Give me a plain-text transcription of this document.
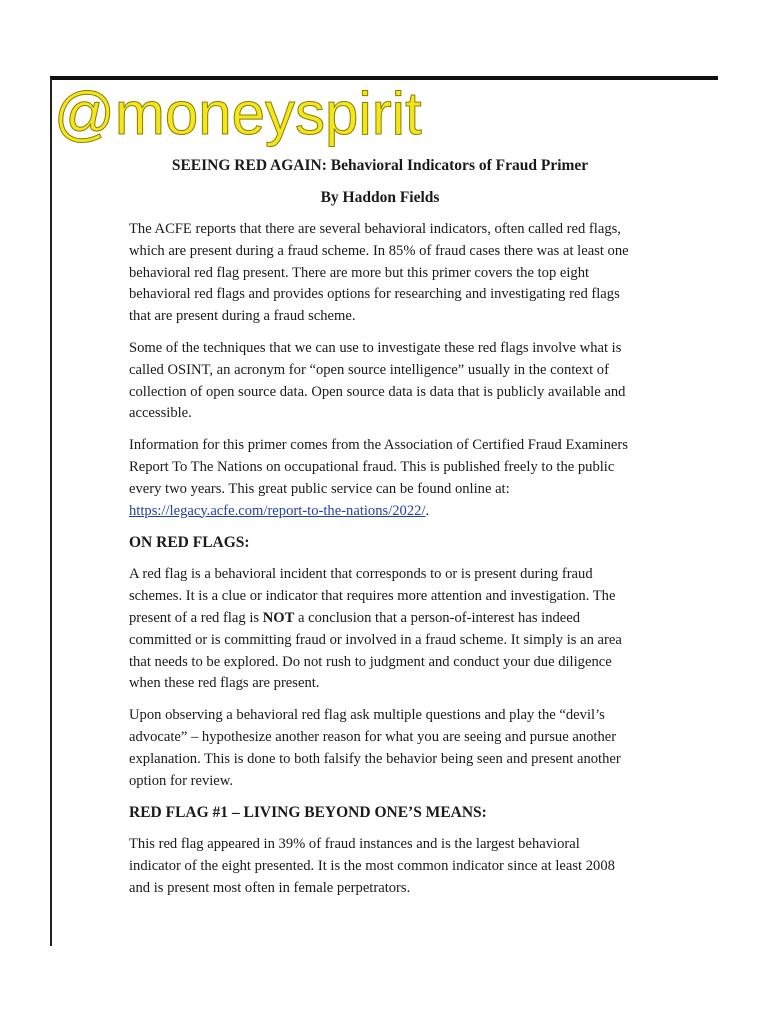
@moneyspirit
SEEING RED AGAIN: Behavioral Indicators of Fraud Primer
By Haddon Fields

The ACFE reports that there are several behavioral indicators, often called red flags, which are present during a fraud scheme. In 85% of fraud cases there was at least one behavioral red flag present. There are more but this primer covers the top eight behavioral red flags and provides options for researching and investigating red flags that are present during a fraud scheme.

Some of the techniques that we can use to investigate these red flags involve what is called OSINT, an acronym for “open source intelligence” usually in the context of collection of open source data. Open source data is data that is publicly available and accessible.

Information for this primer comes from the Association of Certified Fraud Examiners Report To The Nations on occupational fraud. This is published freely to the public every two years. This great public service can be found online at: https://legacy.acfe.com/report-to-the-nations/2022/.

ON RED FLAGS:

A red flag is a behavioral incident that corresponds to or is present during fraud schemes. It is a clue or indicator that requires more attention and investigation. The present of a red flag is NOT a conclusion that a person-of-interest has indeed committed or is committing fraud or involved in a fraud scheme. It simply is an area that needs to be explored. Do not rush to judgment and conduct your due diligence when these red flags are present.

Upon observing a behavioral red flag ask multiple questions and play the “devil’s advocate” – hypothesize another reason for what you are seeing and pursue another explanation. This is done to both falsify the behavior being seen and present another option for review.

RED FLAG #1 – LIVING BEYOND ONE’S MEANS:

This red flag appeared in 39% of fraud instances and is the largest behavioral indicator of the eight presented. It is the most common indicator since at least 2008 and is present most often in female perpetrators.
